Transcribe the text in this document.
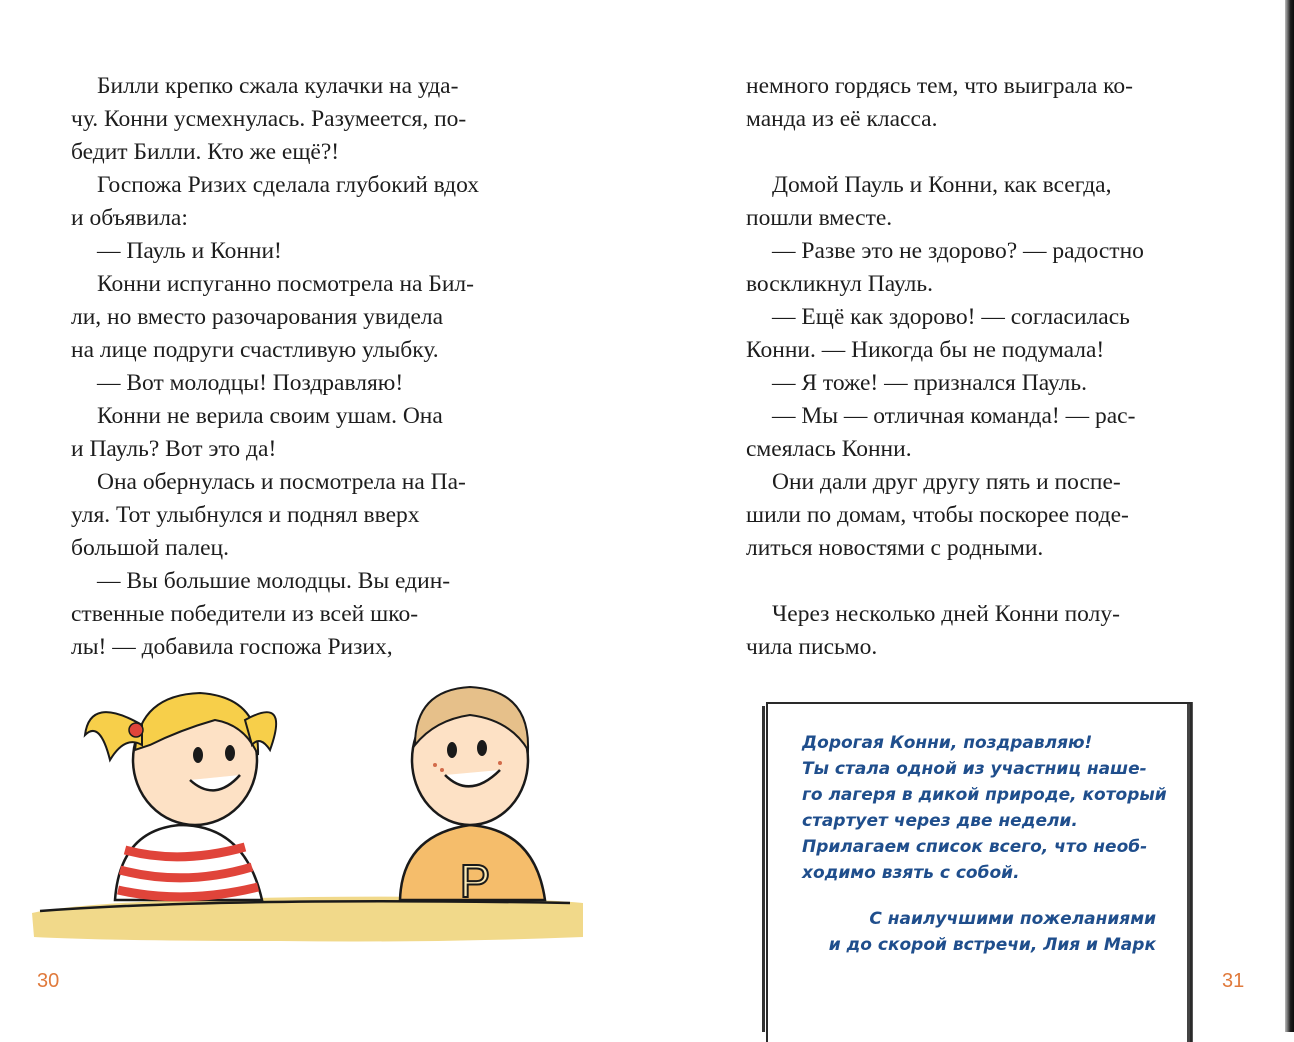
Билли крепко сжала кулачки на уда-

чу. Конни усмехнулась. Разумеется, по-

бедит Билли. Кто же ещё?!

Госпожа Ризих сделала глубокий вдох

и объявила:

— Пауль и Конни!

Конни испуганно посмотрела на Бил-

ли, но вместо разочарования увидела

на лице подруги счастливую улыбку.

— Вот молодцы! Поздравляю!

Конни не верила своим ушам. Она

и Пауль? Вот это да!

Она обернулась и посмотрела на Па-

уля. Тот улыбнулся и поднял вверх

большой палец.

— Вы большие молодцы. Вы един-

ственные победители из всей шко-

лы! — добавила госпожа Ризих,

немного гордясь тем, что выиграла ко-

манда из её класса.

Домой Пауль и Конни, как всегда,

пошли вместе.

— Разве это не здорово? — радостно

воскликнул Пауль.

— Ещё как здорово! — согласилась

Конни. — Никогда бы не подумала!

— Я тоже! — признался Пауль.

— Мы — отличная команда! — рас-

смеялась Конни.

Они дали друг другу пять и поспе-

шили по домам, чтобы поскорее поде-

литься новостями с родными.

Через несколько дней Конни полу-

чила письмо.

P

Дорогая Конни, поздравляю!

Ты стала одной из участниц наше-

го лагеря в дикой природе, который

стартует через две недели.

Прилагаем список всего, что необ-

ходимо взять с собой.

С наилучшими пожеланиями
и до скорой встречи, Лия и Марк
30	31
